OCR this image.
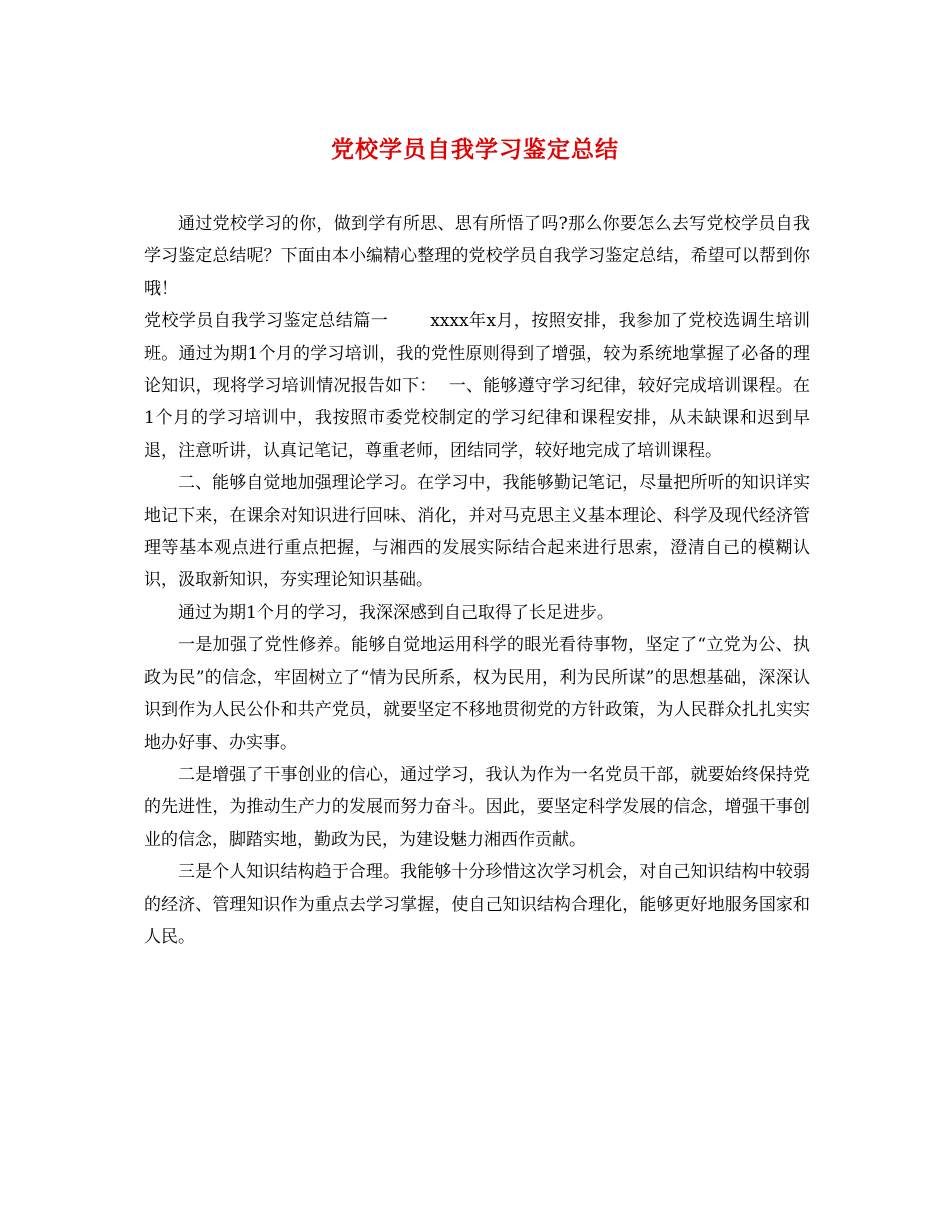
党校学员自我学习鉴定总结

通过党校学习的你，做到学有所思、思有所悟了吗?那么你要怎么去写党校学员自我学习鉴定总结呢？下面由本小编精心整理的党校学员自我学习鉴定总结，希望可以帮到你哦！

党校学员自我学习鉴定总结篇一 xxxx年x月，按照安排，我参加了党校选调生培训班。通过为期1个月的学习培训，我的党性原则得到了增强，较为系统地掌握了必备的理论知识，现将学习培训情况报告如下： 一、能够遵守学习纪律，较好完成培训课程。在1个月的学习培训中，我按照市委党校制定的学习纪律和课程安排，从未缺课和迟到早退，注意听讲，认真记笔记，尊重老师，团结同学，较好地完成了培训课程。

二、能够自觉地加强理论学习。在学习中，我能够勤记笔记，尽量把所听的知识详实地记下来，在课余对知识进行回味、消化，并对马克思主义基本理论、科学及现代经济管理等基本观点进行重点把握，与湘西的发展实际结合起来进行思索，澄清自己的模糊认识，汲取新知识，夯实理论知识基础。

通过为期1个月的学习，我深深感到自己取得了长足进步。

一是加强了党性修养。能够自觉地运用科学的眼光看待事物，坚定了“立党为公、执政为民”的信念，牢固树立了“情为民所系，权为民用，利为民所谋”的思想基础，深深认识到作为人民公仆和共产党员，就要坚定不移地贯彻党的方针政策，为人民群众扎扎实实地办好事、办实事。

二是增强了干事创业的信心，通过学习，我认为作为一名党员干部，就要始终保持党的先进性，为推动生产力的发展而努力奋斗。因此，要坚定科学发展的信念，增强干事创业的信念，脚踏实地，勤政为民，为建设魅力湘西作贡献。

三是个人知识结构趋于合理。我能够十分珍惜这次学习机会，对自己知识结构中较弱的经济、管理知识作为重点去学习掌握，使自己知识结构合理化，能够更好地服务国家和人民。
